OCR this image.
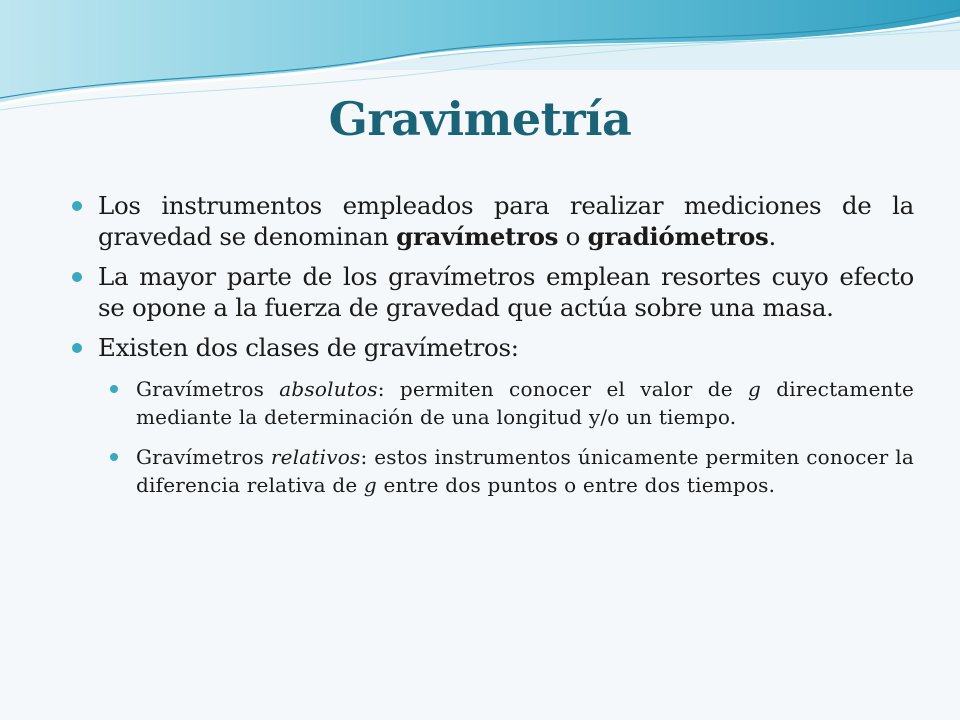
Gravimetría
Los instrumentos empleados para realizar mediciones de la gravedad se denominan gravímetros o gradiómetros.
La mayor parte de los gravímetros emplean resortes cuyo efecto se opone a la fuerza de gravedad que actúa sobre una masa.
Existen dos clases de gravímetros:
Gravímetros absolutos: permiten conocer el valor de g directamente mediante la determinación de una longitud y/o un tiempo.
Gravímetros relativos: estos instrumentos únicamente permiten conocer la diferencia relativa de g entre dos puntos o entre dos tiempos.
